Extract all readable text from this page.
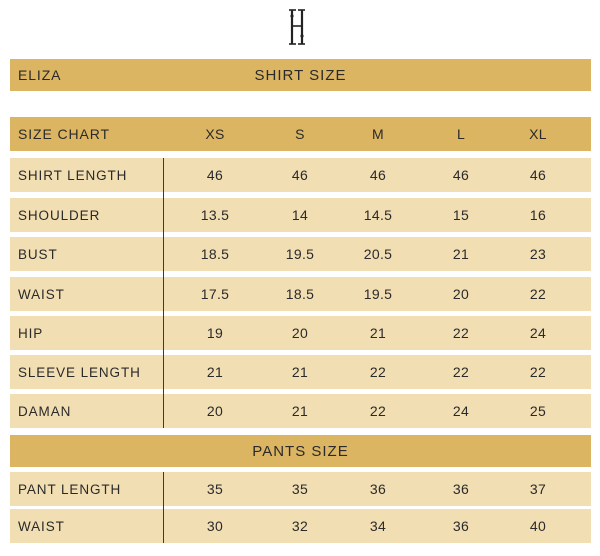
ELIZA	SHIRT SIZE
SIZE CHART	XS	S	M	L	XL
SHIRT LENGTH	46	46	46	46	46
SHOULDER	13.5	14	14.5	15	16
BUST	18.5	19.5	20.5	21	23
WAIST	17.5	18.5	19.5	20	22
HIP	19	20	21	22	24
SLEEVE LENGTH	21	21	22	22	22
DAMAN	20	21	22	24	25
PANTS SIZE
PANT LENGTH	35	35	36	36	37
WAIST	30	32	34	36	40
